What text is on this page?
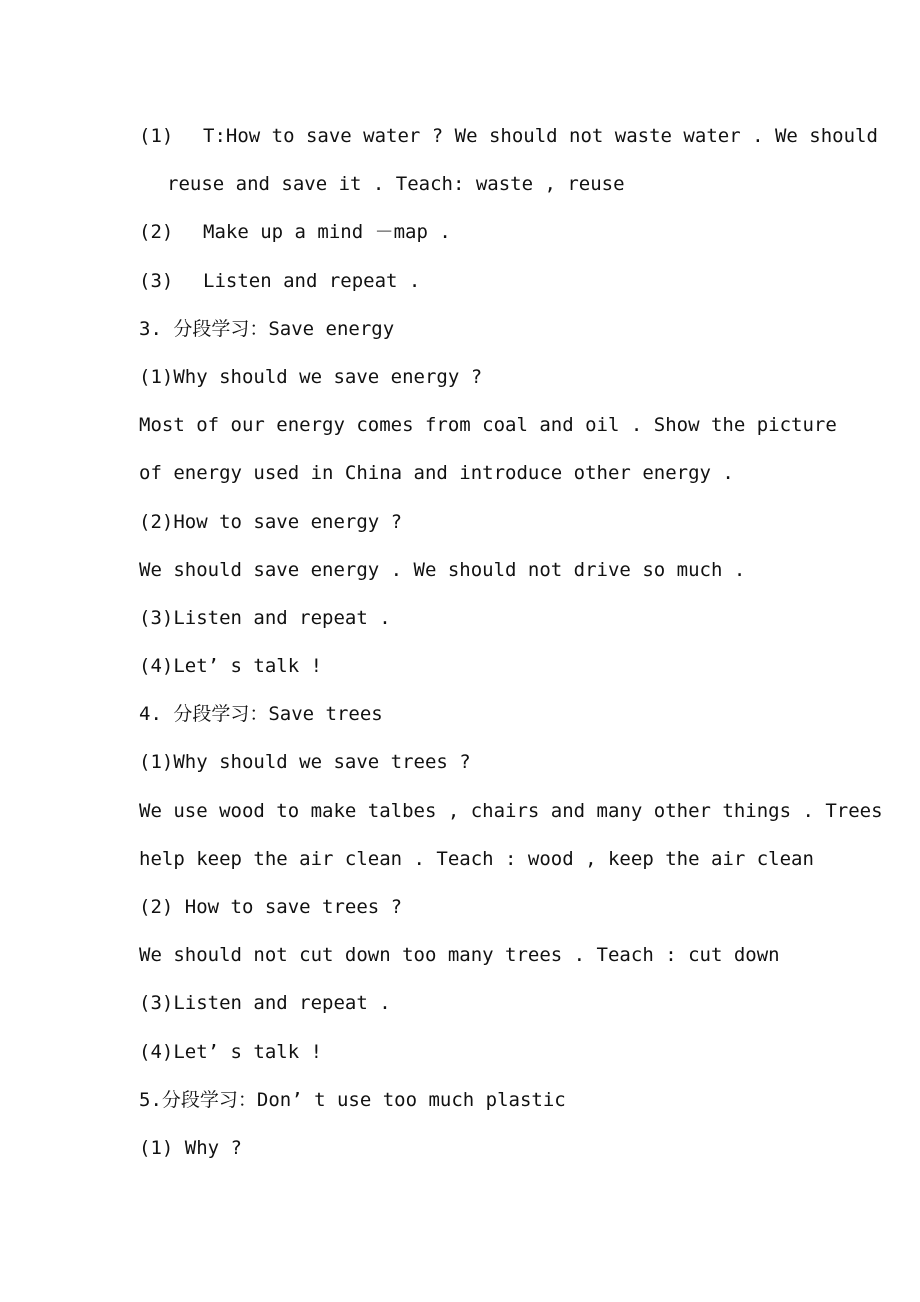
(1) T:How to save water ? We should not waste water . We should
reuse and save it . Teach: waste , reuse
(2) Make up a mind －map .
(3) Listen and repeat .
3. 分段学习：Save energy
(1)Why should we save energy ?
Most of our energy comes from coal and oil . Show the picture
of energy used in China and introduce other energy .
(2)How to save energy ?
We should save energy . We should not drive so much .
(3)Listen and repeat .
(4)Let’ s talk !
4. 分段学习：Save trees
(1)Why should we save trees ?
We use wood to make talbes , chairs and many other things . Trees
help keep the air clean . Teach : wood , keep the air clean
(2) How to save trees ?
We should not cut down too many trees . Teach : cut down
(3)Listen and repeat .
(4)Let’ s talk !
5.分段学习：Don’ t use too much plastic
(1) Why ?
